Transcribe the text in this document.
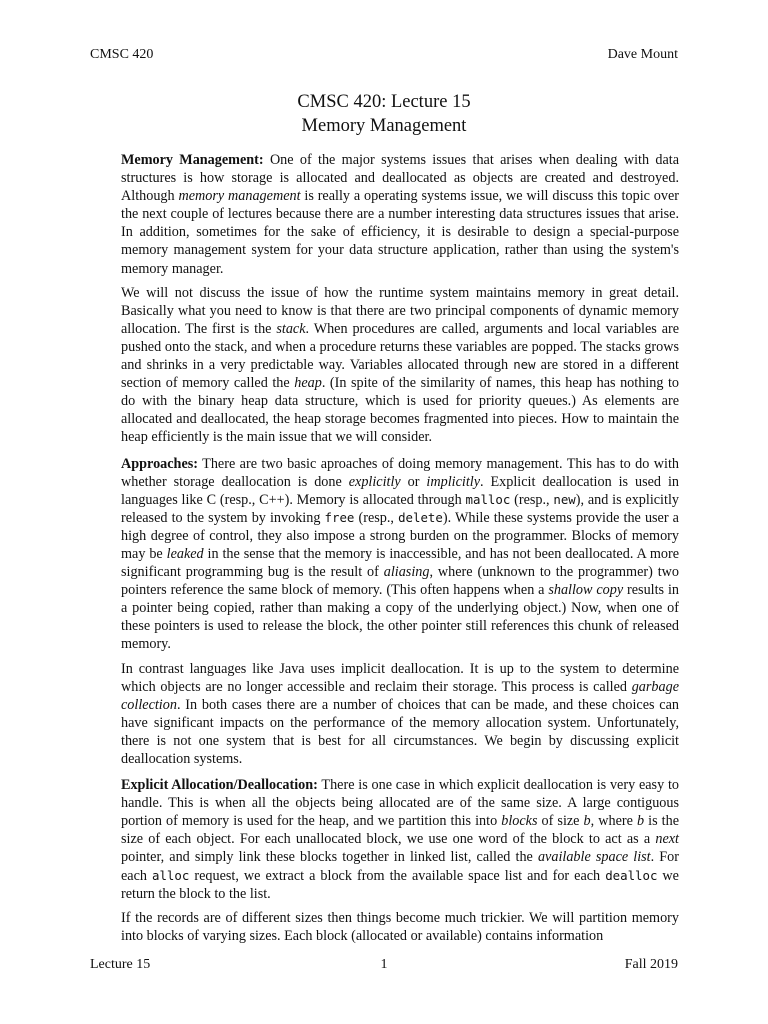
CMSC 420	Dave Mount
CMSC 420: Lecture 15
Memory Management

Memory Management: One of the major systems issues that arises when dealing with data structures is how storage is allocated and deallocated as objects are created and destroyed. Although memory management is really a operating systems issue, we will discuss this topic over the next couple of lectures because there are a number interesting data structures issues that arise. In addition, sometimes for the sake of efficiency, it is desirable to design a special-purpose memory management system for your data structure application, rather than using the system's memory manager.

We will not discuss the issue of how the runtime system maintains memory in great detail. Basically what you need to know is that there are two principal components of dynamic memory allocation. The first is the stack. When procedures are called, arguments and local variables are pushed onto the stack, and when a procedure returns these variables are popped. The stacks grows and shrinks in a very predictable way. Variables allocated through new are stored in a different section of memory called the heap. (In spite of the similarity of names, this heap has nothing to do with the binary heap data structure, which is used for priority queues.) As elements are allocated and deallocated, the heap storage becomes fragmented into pieces. How to maintain the heap efficiently is the main issue that we will consider.

Approaches: There are two basic aproaches of doing memory management. This has to do with whether storage deallocation is done explicitly or implicitly. Explicit deallocation is used in languages like C (resp., C++). Memory is allocated through malloc (resp., new), and is explicitly released to the system by invoking free (resp., delete). While these systems provide the user a high degree of control, they also impose a strong burden on the programmer. Blocks of memory may be leaked in the sense that the memory is inaccessible, and has not been deallocated. A more significant programming bug is the result of aliasing, where (unknown to the programmer) two pointers reference the same block of memory. (This often happens when a shallow copy results in a pointer being copied, rather than making a copy of the underlying object.) Now, when one of these pointers is used to release the block, the other pointer still references this chunk of released memory.

In contrast languages like Java uses implicit deallocation. It is up to the system to determine which objects are no longer accessible and reclaim their storage. This process is called garbage collection. In both cases there are a number of choices that can be made, and these choices can have significant impacts on the performance of the memory allocation system. Unfortunately, there is not one system that is best for all circumstances. We begin by discussing explicit deallocation systems.

Explicit Allocation/Deallocation: There is one case in which explicit deallocation is very easy to handle. This is when all the objects being allocated are of the same size. A large contiguous portion of memory is used for the heap, and we partition this into blocks of size b, where b is the size of each object. For each unallocated block, we use one word of the block to act as a next pointer, and simply link these blocks together in linked list, called the available space list. For each alloc request, we extract a block from the available space list and for each dealloc we return the block to the list.

If the records are of different sizes then things become much trickier. We will partition memory into blocks of varying sizes. Each block (allocated or available) contains information

Lecture 15	1	Fall 2019
